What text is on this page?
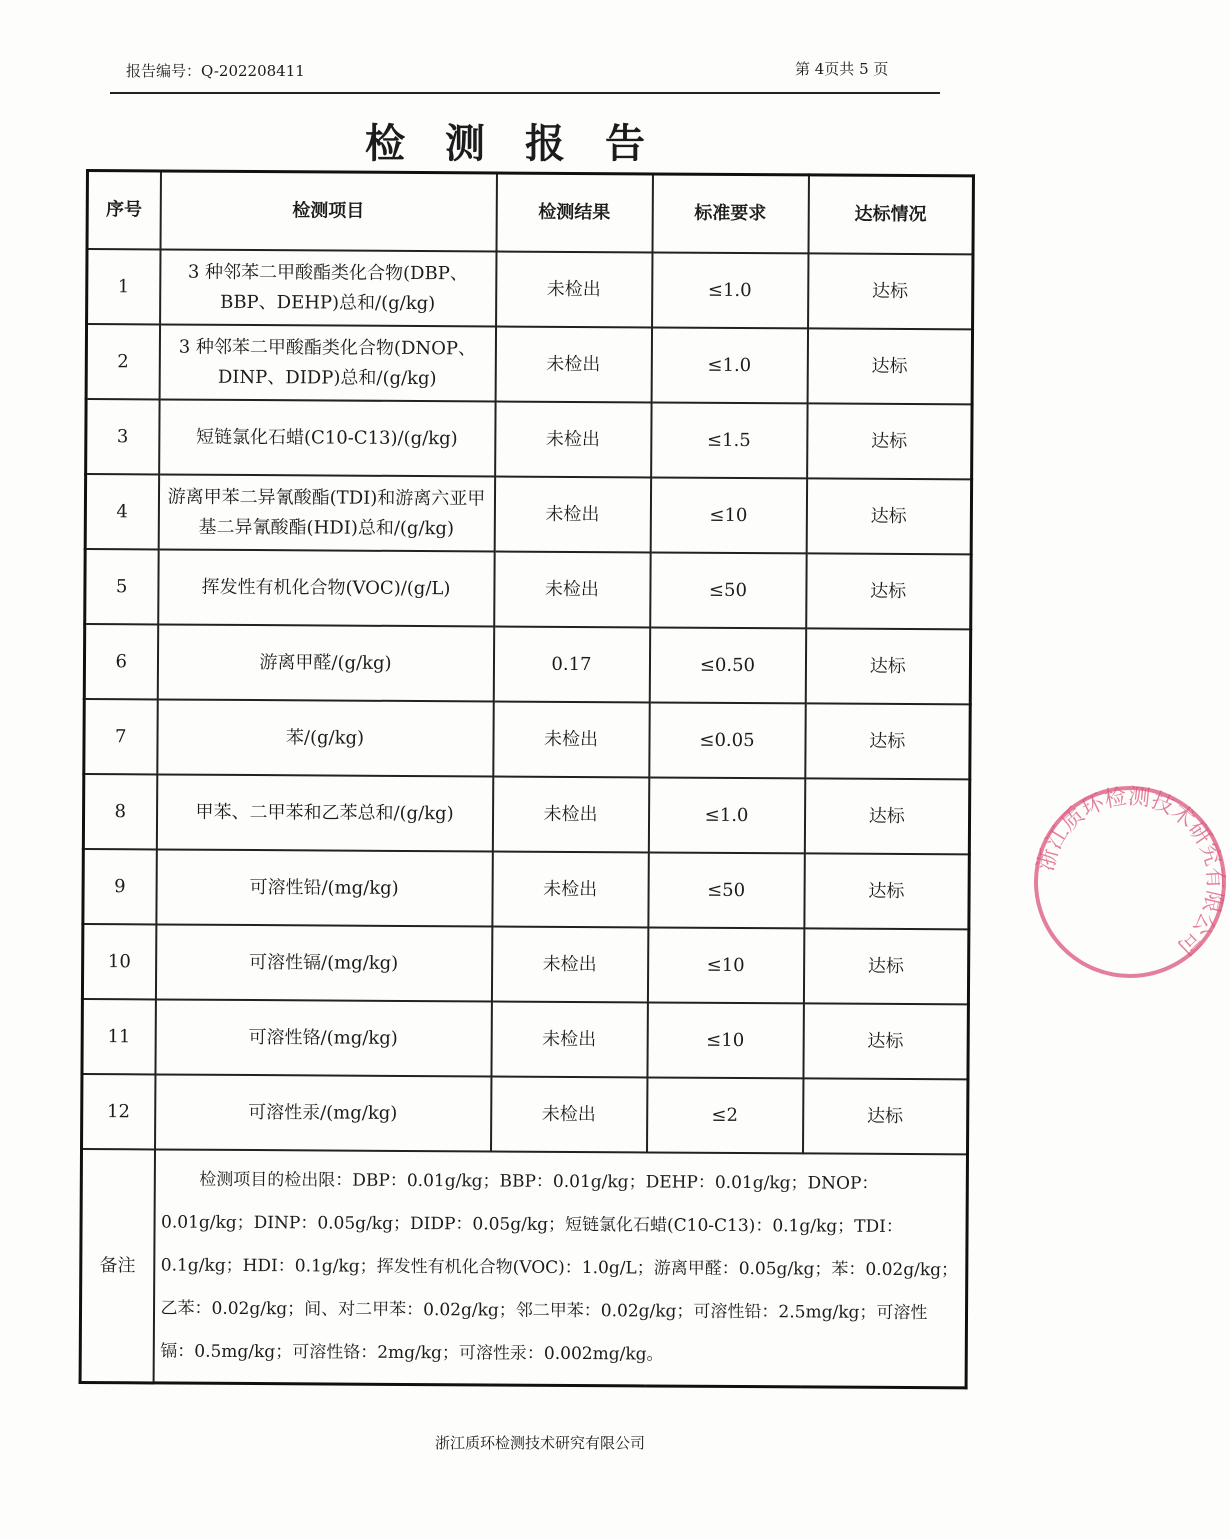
报告编号：Q-202208411	第 4页共 5 页
检测报告
序号	检测项目	检测结果	标准要求	达标情况
1	3 种邻苯二甲酸酯类化合物(DBP、BBP、DEHP)总和/(g/kg)	未检出	≤1.0	达标
2	3 种邻苯二甲酸酯类化合物(DNOP、DINP、DIDP)总和/(g/kg)	未检出	≤1.0	达标
3	短链氯化石蜡(C10-C13)/(g/kg)	未检出	≤1.5	达标
4	游离甲苯二异氰酸酯(TDI)和游离六亚甲基二异氰酸酯(HDI)总和/(g/kg)	未检出	≤10	达标
5	挥发性有机化合物(VOC)/(g/L)	未检出	≤50	达标
6	游离甲醛/(g/kg)	0.17	≤0.50	达标
7	苯/(g/kg)	未检出	≤0.05	达标
8	甲苯、二甲苯和乙苯总和/(g/kg)	未检出	≤1.0	达标
9	可溶性铅/(mg/kg)	未检出	≤50	达标
10	可溶性镉/(mg/kg)	未检出	≤10	达标
11	可溶性铬/(mg/kg)	未检出	≤10	达标
12	可溶性汞/(mg/kg)	未检出	≤2	达标
备注	检测项目的检出限：DBP：0.01g/kg；BBP：0.01g/kg；DEHP：0.01g/kg；DNOP：0.01g/kg；DINP：0.05g/kg；DIDP：0.05g/kg；短链氯化石蜡(C10-C13)：0.1g/kg；TDI：0.1g/kg；HDI：0.1g/kg；挥发性有机化合物(VOC)：1.0g/L；游离甲醛：0.05g/kg；苯：0.02g/kg；乙苯：0.02g/kg；间、对二甲苯：0.02g/kg；邻二甲苯：0.02g/kg；可溶性铅：2.5mg/kg；可溶性镉：0.5mg/kg；可溶性铬：2mg/kg；可溶性汞：0.002mg/kg。			
浙江质环检测技术研究有限公司
浙江质环检测技术研究有限公司
